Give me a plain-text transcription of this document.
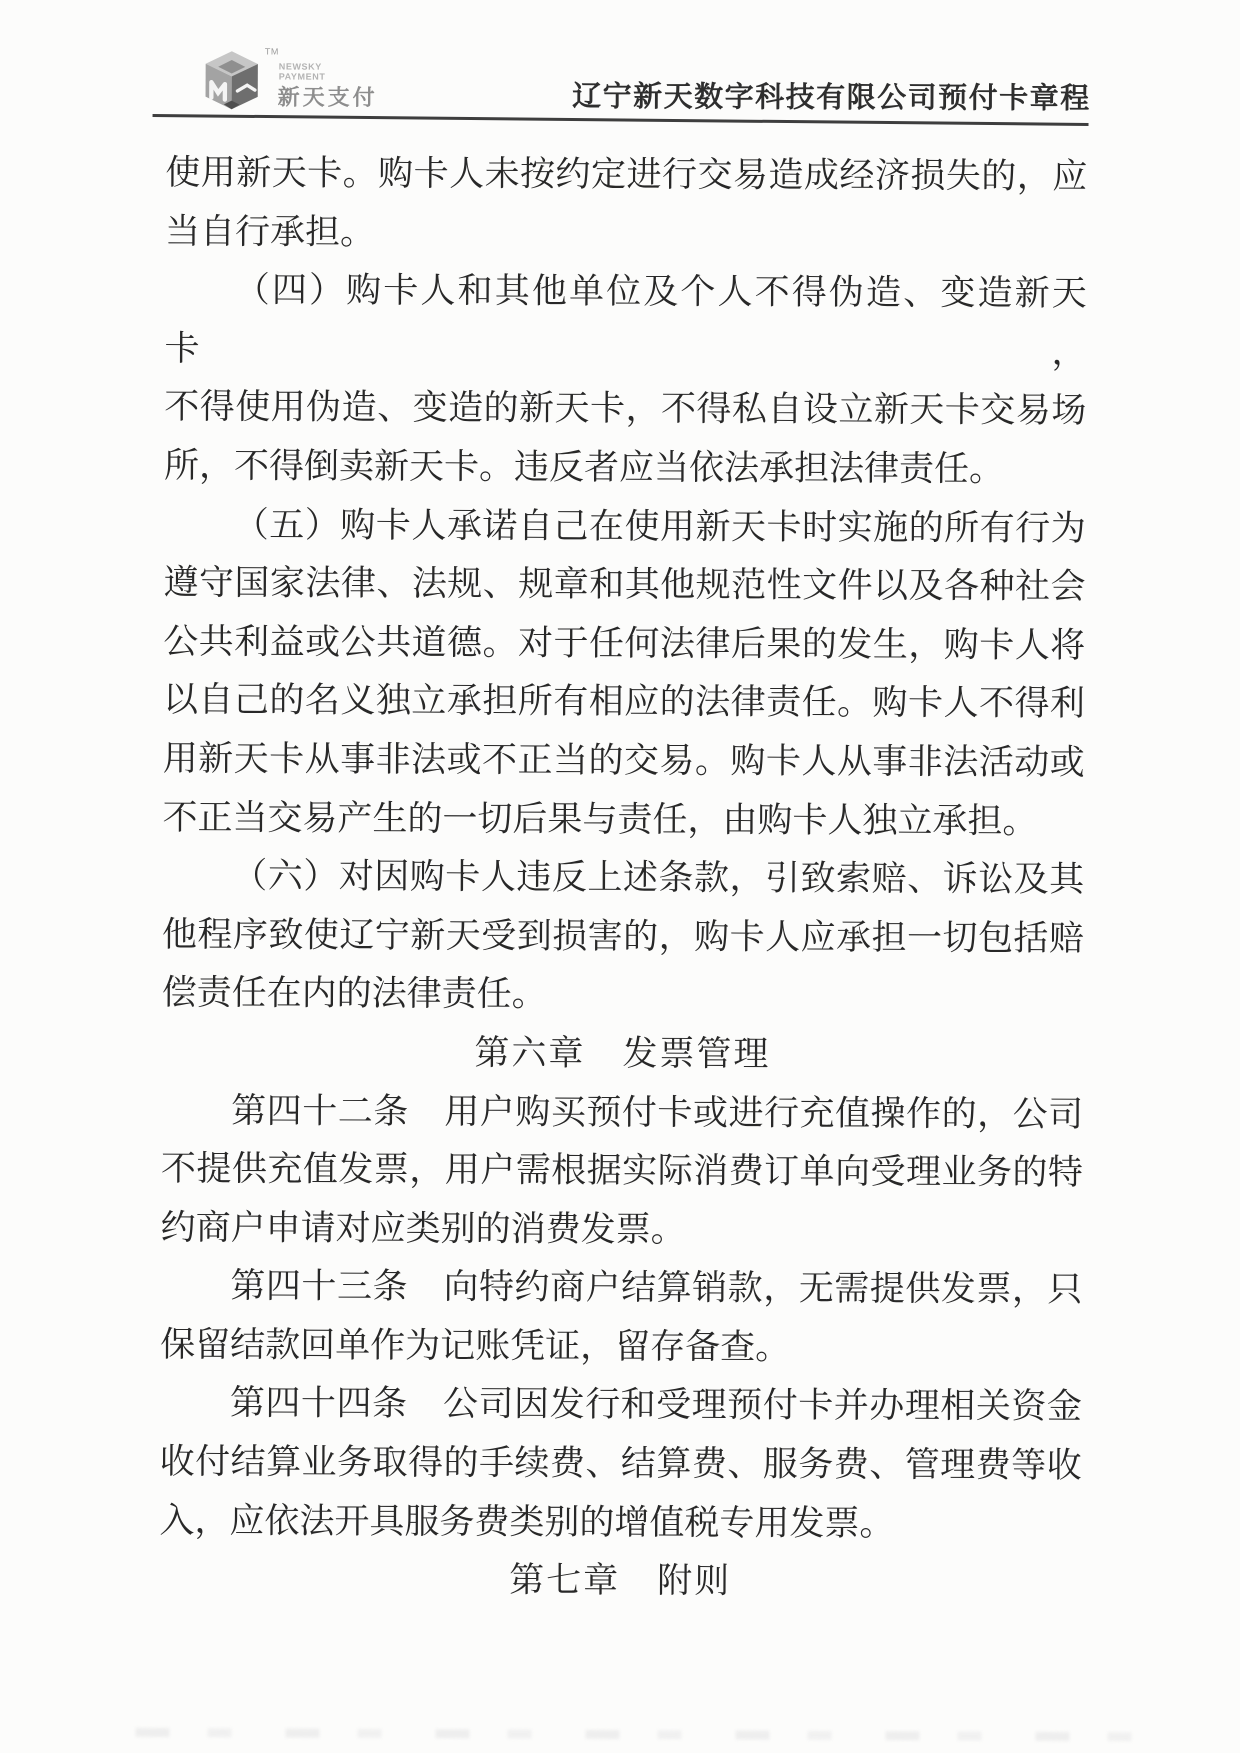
TM
NEWSKY
PAYMENT
新天支付	辽宁新天数字科技有限公司预付卡章程
使用新天卡。购卡人未按约定进行交易造成经济损失的，应
当自行承担。
（四）购卡人和其他单位及个人不得伪造、变造新天卡，
不得使用伪造、变造的新天卡，不得私自设立新天卡交易场
所，不得倒卖新天卡。违反者应当依法承担法律责任。
（五）购卡人承诺自己在使用新天卡时实施的所有行为
遵守国家法律、法规、规章和其他规范性文件以及各种社会
公共利益或公共道德。对于任何法律后果的发生，购卡人将
以自己的名义独立承担所有相应的法律责任。购卡人不得利
用新天卡从事非法或不正当的交易。购卡人从事非法活动或
不正当交易产生的一切后果与责任，由购卡人独立承担。
（六）对因购卡人违反上述条款，引致索赔、诉讼及其
他程序致使辽宁新天受到损害的，购卡人应承担一切包括赔
偿责任在内的法律责任。
第六章　发票管理
第四十二条　用户购买预付卡或进行充值操作的，公司
不提供充值发票，用户需根据实际消费订单向受理业务的特
约商户申请对应类别的消费发票。
第四十三条　向特约商户结算销款，无需提供发票，只
保留结款回单作为记账凭证，留存备查。
第四十四条　公司因发行和受理预付卡并办理相关资金
收付结算业务取得的手续费、结算费、服务费、管理费等收
入，应依法开具服务费类别的增值税专用发票。
第七章　附则
